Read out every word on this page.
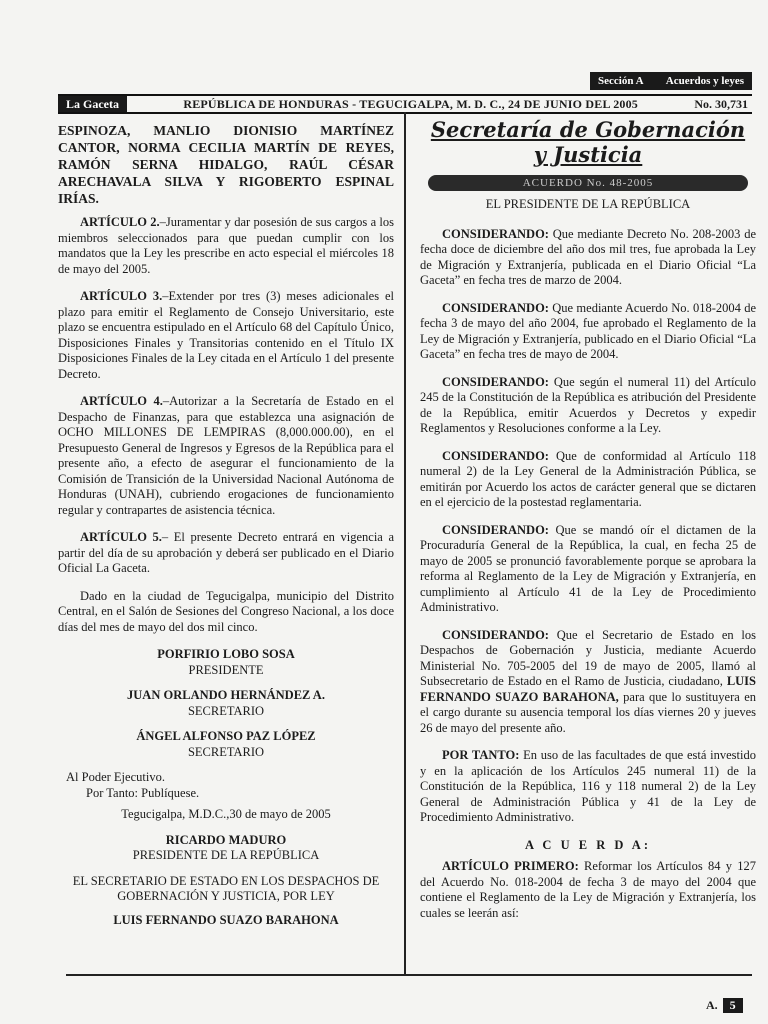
Sección A Acuerdos y leyes
La Gaceta	REPÚBLICA DE HONDURAS - TEGUCIGALPA, M. D. C., 24 DE JUNIO DEL 2005	No. 30,731
ESPINOZA, MANLIO DIONISIO MARTÍNEZ CANTOR, NORMA CECILIA MARTÍN DE REYES, RAMÓN SERNA HIDALGO, RAÚL CÉSAR ARECHAVALA SILVA Y RIGOBERTO ESPINAL IRÍAS.

ARTÍCULO 2.–Juramentar y dar posesión de sus cargos a los miembros seleccionados para que puedan cumplir con los mandatos que la Ley les prescribe en acto especial el miércoles 18 de mayo del 2005.

ARTÍCULO 3.–Extender por tres (3) meses adicionales el plazo para emitir el Reglamento de Consejo Universitario, este plazo se encuentra estipulado en el Artículo 68 del Capítulo Único, Disposiciones Finales y Transitorias contenido en el Título IX Disposiciones Finales de la Ley citada en el Artículo 1 del presente Decreto.

ARTÍCULO 4.–Autorizar a la Secretaría de Estado en el Despacho de Finanzas, para que establezca una asignación de OCHO MILLONES DE LEMPIRAS (8,000.000.00), en el Presupuesto General de Ingresos y Egresos de la República para el presente año, a efecto de asegurar el funcionamiento de la Comisión de Transición de la Universidad Nacional Autónoma de Honduras (UNAH), cubriendo erogaciones de funcionamiento regular y contrapartes de asistencia técnica.

ARTÍCULO 5.– El presente Decreto entrará en vigencia a partir del día de su aprobación y deberá ser publicado en el Diario Oficial La Gaceta.

Dado en la ciudad de Tegucigalpa, municipio del Distrito Central, en el Salón de Sesiones del Congreso Nacional, a los doce días del mes de mayo del dos mil cinco.

PORFIRIO LOBO SOSA
PRESIDENTE
JUAN ORLANDO HERNÁNDEZ A.
SECRETARIO
ÁNGEL ALFONSO PAZ LÓPEZ
SECRETARIO
Al Poder Ejecutivo.
Por Tanto: Publíquese.
Tegucigalpa, M.D.C.,30 de mayo de 2005
RICARDO MADURO
PRESIDENTE DE LA REPÚBLICA
EL SECRETARIO DE ESTADO EN LOS DESPACHOS DE GOBERNACIÓN Y JUSTICIA, POR LEY
LUIS FERNANDO SUAZO BARAHONA
Secretaría de Gobernación
y Justicia
ACUERDO No. 48-2005
EL PRESIDENTE DE LA REPÚBLICA

CONSIDERANDO: Que mediante Decreto No. 208-2003 de fecha doce de diciembre del año dos mil tres, fue aprobada la Ley de Migración y Extranjería, publicada en el Diario Oficial “La Gaceta” en fecha tres de marzo de 2004.

CONSIDERANDO: Que mediante Acuerdo No. 018-2004 de fecha 3 de mayo del año 2004, fue aprobado el Reglamento de la Ley de Migración y Extranjería, publicado en el Diario Oficial “La Gaceta” en fecha tres de mayo de 2004.

CONSIDERANDO: Que según el numeral 11) del Artículo 245 de la Constitución de la República es atribución del Presidente de la República, emitir Acuerdos y Decretos y expedir Reglamentos y Resoluciones conforme a la Ley.

CONSIDERANDO: Que de conformidad al Artículo 118 numeral 2) de la Ley General de la Administración Pública, se emitirán por Acuerdo los actos de carácter general que se dictaren en el ejercicio de la postestad reglamentaria.

CONSIDERANDO: Que se mandó oír el dictamen de la Procuraduría General de la República, la cual, en fecha 25 de mayo de 2005 se pronunció favorablemente porque se aprobara la reforma al Reglamento de la Ley de Migración y Extranjería, en cumplimiento al Artículo 41 de la Ley de Procedimiento Administrativo.

CONSIDERANDO: Que el Secretario de Estado en los Despachos de Gobernación y Justicia, mediante Acuerdo Ministerial No. 705-2005 del 19 de mayo de 2005, llamó al Subsecretario de Estado en el Ramo de Justicia, ciudadano, LUIS FERNANDO SUAZO BARAHONA, para que lo sustituyera en el cargo durante su ausencia temporal los días viernes 20 y jueves 26 de mayo del presente año.

POR TANTO: En uso de las facultades de que está investido y en la aplicación de los Artículos 245 numeral 11) de la Constitución de la República, 116 y 118 numeral 2) de la Ley General de Administración Pública y 41 de la Ley de Procedimiento Administrativo.

A C U E R D A:

ARTÍCULO PRIMERO: Reformar los Artículos 84 y 127 del Acuerdo No. 018-2004 de fecha 3 de mayo del 2004 que contiene el Reglamento de la Ley de Migración y Extranjería, los cuales se leerán así:

A.	5
